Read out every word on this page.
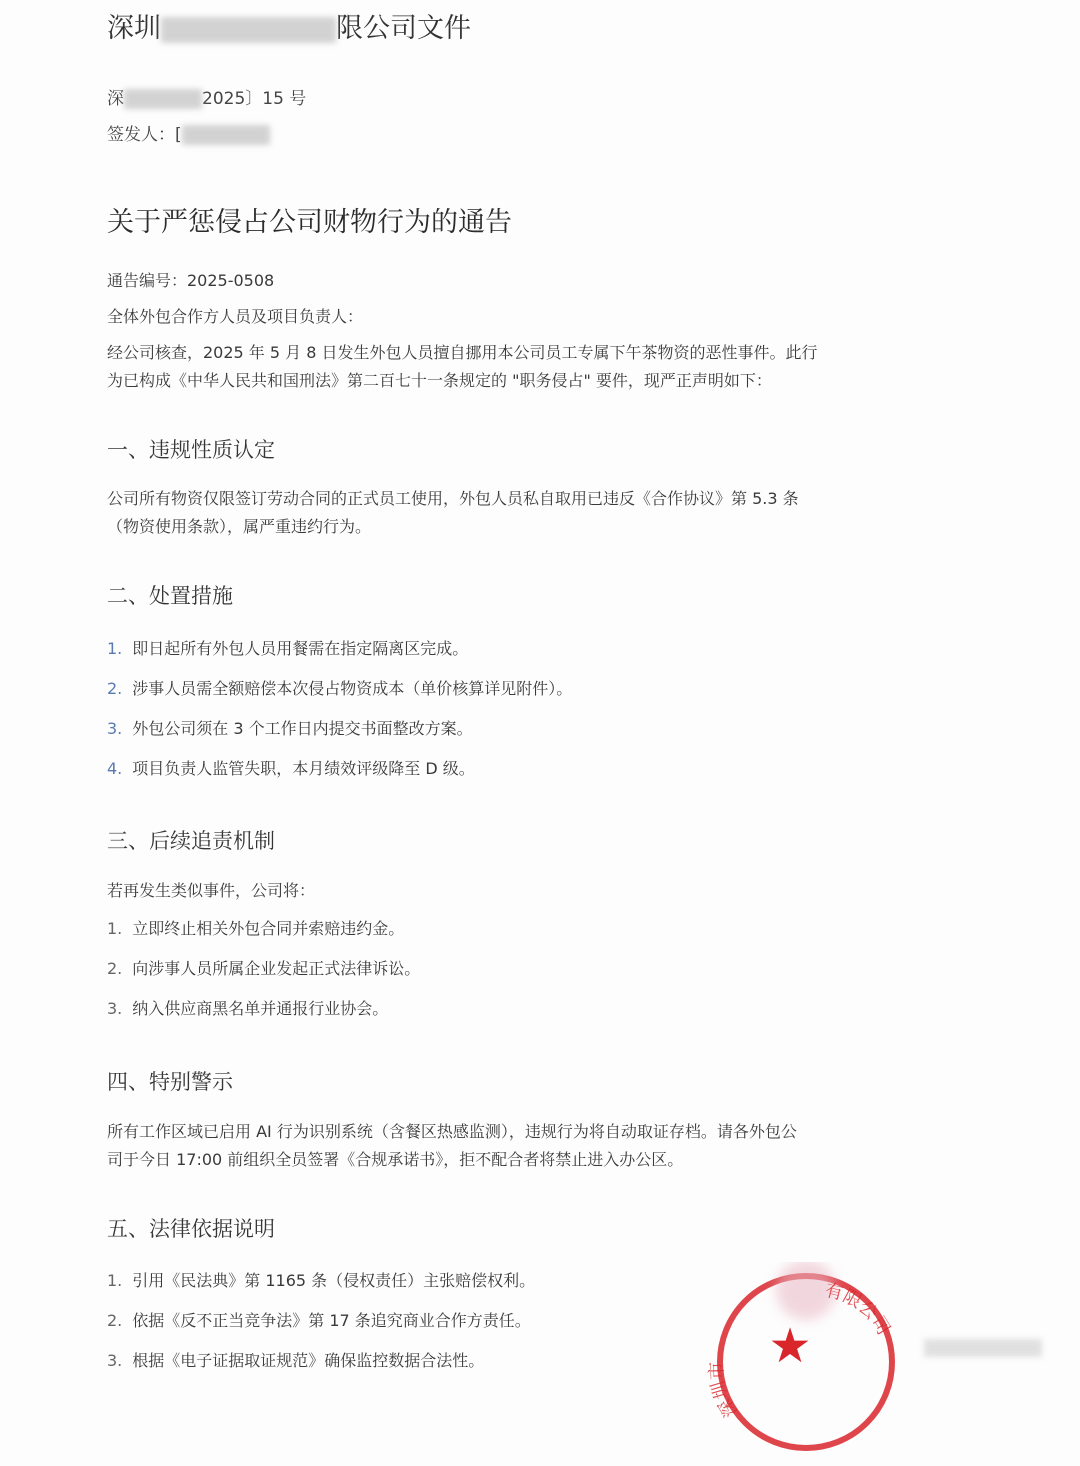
深圳	限公司文件
深	2025〕15 号
签发人：[
关于严惩侵占公司财物行为的通告
通告编号：2025-0508
全体外包合作方人员及项目负责人：
经公司核查，2025 年 5 月 8 日发生外包人员擅自挪用本公司员工专属下午茶物资的恶性事件。此行
为已构成《中华人民共和国刑法》第二百七十一条规定的 "职务侵占" 要件，现严正声明如下：
一、违规性质认定
公司所有物资仅限签订劳动合同的正式员工使用，外包人员私自取用已违反《合作协议》第 5.3 条
（物资使用条款），属严重违约行为。
二、处置措施
1. 即日起所有外包人员用餐需在指定隔离区完成。
2. 涉事人员需全额赔偿本次侵占物资成本（单价核算详见附件）。
3. 外包公司须在 3 个工作日内提交书面整改方案。
4. 项目负责人监管失职，本月绩效评级降至 D 级。
三、后续追责机制
若再发生类似事件，公司将：
1. 立即终止相关外包合同并索赔违约金。
2. 向涉事人员所属企业发起正式法律诉讼。
3. 纳入供应商黑名单并通报行业协会。
四、特别警示
所有工作区域已启用 AI 行为识别系统（含餐区热感监测），违规行为将自动取证存档。请各外包公
司于今日 17:00 前组织全员签署《合规承诺书》，拒不配合者将禁止进入办公区。
五、法律依据说明
1. 引用《民法典》第 1165 条（侵权责任）主张赔偿权利。
2. 依据《反不正当竞争法》第 17 条追究商业合作方责任。
3. 根据《电子证据取证规范》确保监控数据合法性。
深圳市
有限公司
★
